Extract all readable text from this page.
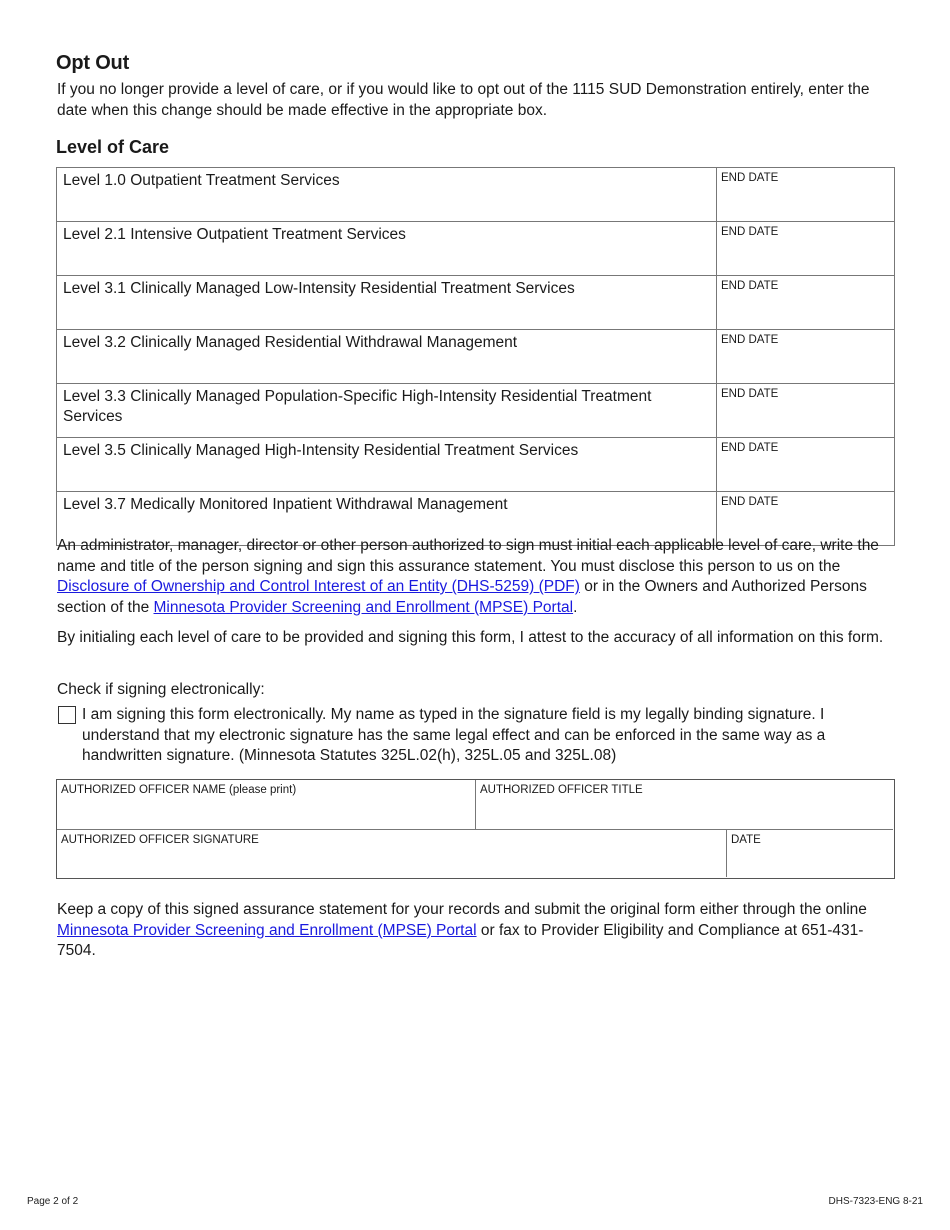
Opt Out

If you no longer provide a level of care, or if you would like to opt out of the 1115 SUD Demonstration entirely, enter the date when this change should be made effective in the appropriate box.

Level of Care
Level 1.0 Outpatient Treatment Services	END DATE
Level 2.1 Intensive Outpatient Treatment Services	END DATE
Level 3.1 Clinically Managed Low-Intensity Residential Treatment Services	END DATE
Level 3.2 Clinically Managed Residential Withdrawal Management	END DATE
Level 3.3 Clinically Managed Population-Specific High-Intensity Residential Treatment Services	END DATE
Level 3.5 Clinically Managed High-Intensity Residential Treatment Services	END DATE
Level 3.7 Medically Monitored Inpatient Withdrawal Management	END DATE

An administrator, manager, director or other person authorized to sign must initial each applicable level of care, write the name and title of the person signing and sign this assurance statement. You must disclose this person to us on the Disclosure of Ownership and Control Interest of an Entity (DHS-5259) (PDF) or in the Owners and Authorized Persons section of the Minnesota Provider Screening and Enrollment (MPSE) Portal.

By initialing each level of care to be provided and signing this form, I attest to the accuracy of all information on this form.

Check if signing electronically:

I am signing this form electronically. My name as typed in the signature field is my legally binding signature. I understand that my electronic signature has the same legal effect and can be enforced in the same way as a handwritten signature. (Minnesota Statutes 325L.02(h), 325L.05 and 325L.08)
AUTHORIZED OFFICER NAME (please print)	AUTHORIZED OFFICER TITLE
AUTHORIZED OFFICER SIGNATURE	DATE

Keep a copy of this signed assurance statement for your records and submit the original form either through the online Minnesota Provider Screening and Enrollment (MPSE) Portal or fax to Provider Eligibility and Compliance at 651-431-7504.

Page 2 of 2	DHS-7323-ENG 8-21
